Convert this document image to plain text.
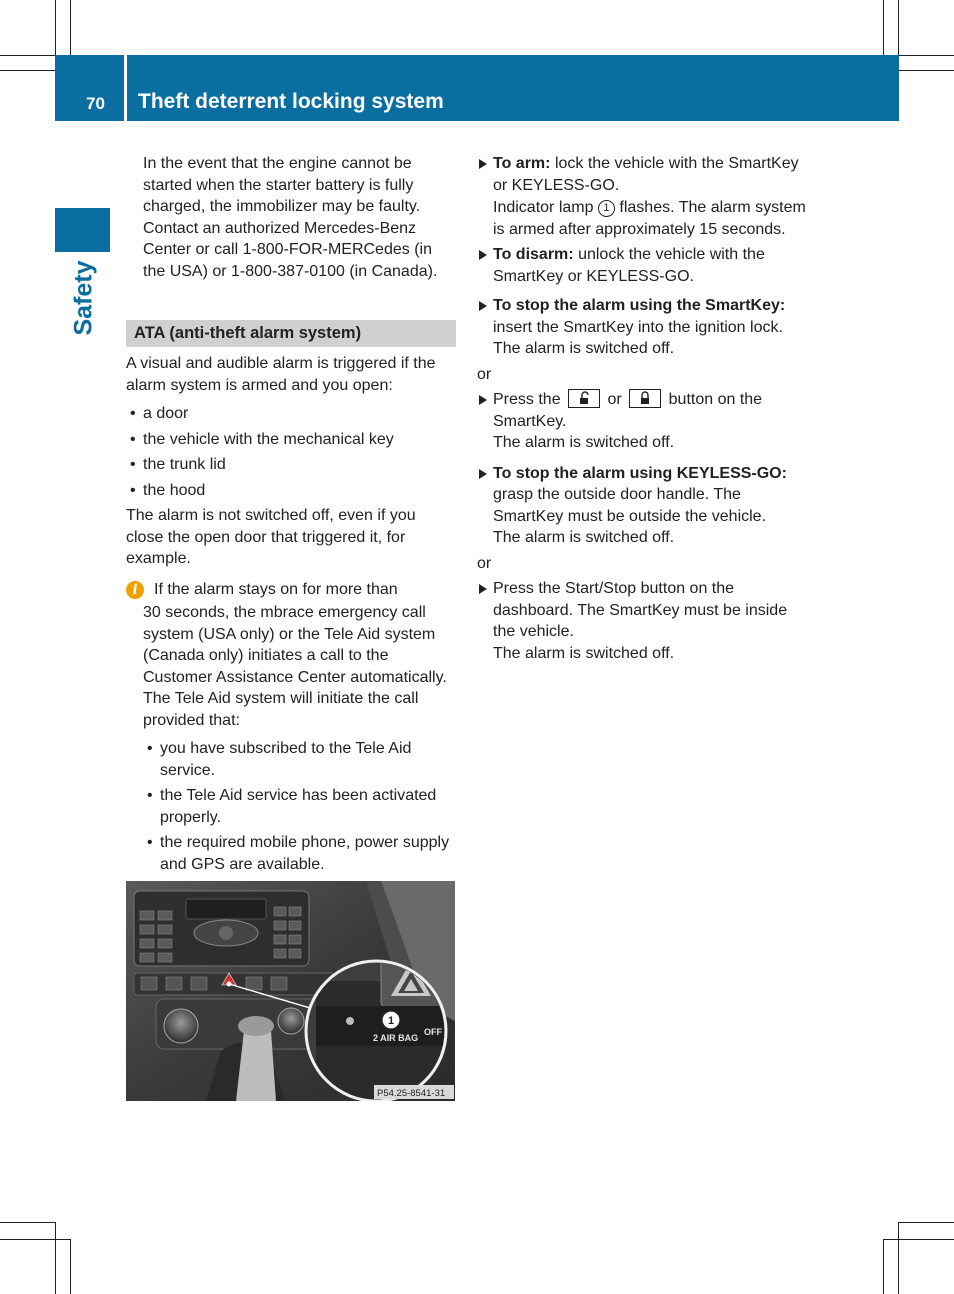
70 Theft deterrent locking system
Safety

In the event that the engine cannot be started when the starter battery is fully charged, the immobilizer may be faulty. Contact an authorized Mercedes-Benz Center or call 1-800-FOR-MERCedes (in the USA) or 1-800-387-0100 (in Canada).

ATA (anti-theft alarm system)

A visual and audible alarm is triggered if the alarm system is armed and you open:

• a door
• the vehicle with the mechanical key
• the trunk lid
• the hood

The alarm is not switched off, even if you close the open door that triggered it, for example.

i	If the alarm stays on for more than

30 seconds, the mbrace emergency call system (USA only) or the Tele Aid system (Canada only) initiates a call to the Customer Assistance Center automatically. The Tele Aid system will initiate the call provided that:

• you have subscribed to the Tele Aid service.
• the Tele Aid service has been activated properly.
• the required mobile phone, power supply and GPS are available.
2 AIR BAG
OFF
1
P54.25-8541-31

To arm: lock the vehicle with the SmartKey or KEYLESS-GO.

Indicator lamp 1 flashes. The alarm system is armed after approximately 15 seconds.

To disarm: unlock the vehicle with the SmartKey or KEYLESS-GO.

To stop the alarm using the SmartKey: insert the SmartKey into the ignition lock.

The alarm is switched off.

or

Press the	or	button on the SmartKey.

The alarm is switched off.

To stop the alarm using KEYLESS-GO: grasp the outside door handle. The SmartKey must be outside the vehicle.

The alarm is switched off.

or

Press the Start/Stop button on the dashboard. The SmartKey must be inside the vehicle.

The alarm is switched off.
